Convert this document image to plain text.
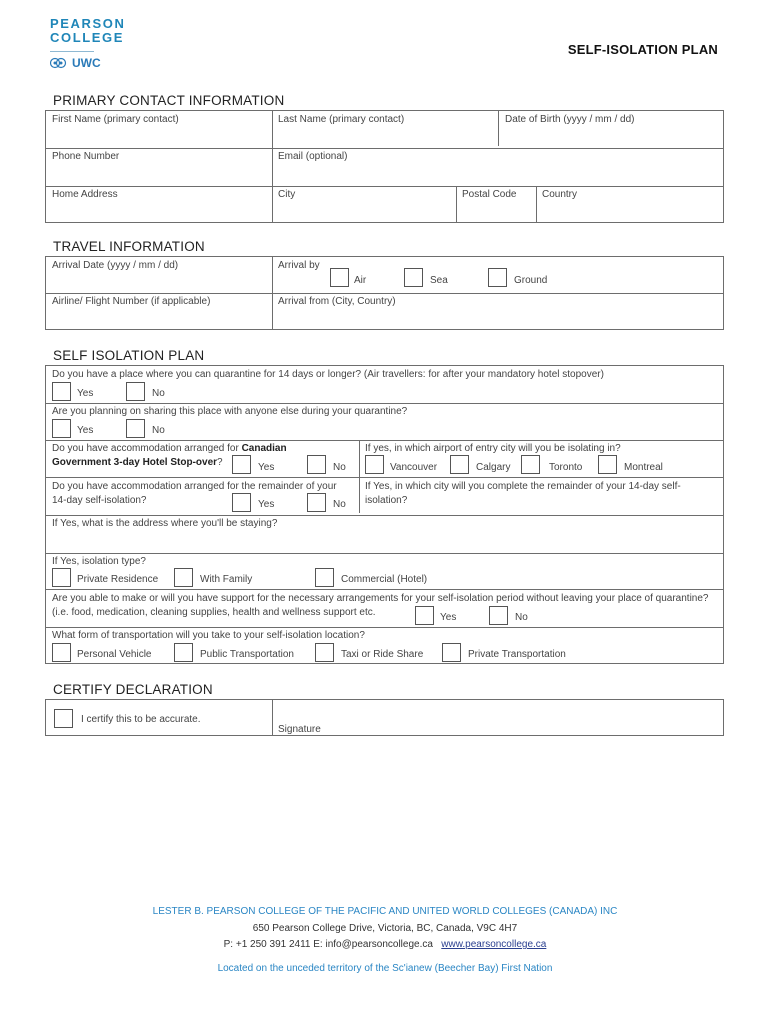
PEARSON
COLLEGE
UWC
SELF-ISOLATION PLAN
PRIMARY CONTACT INFORMATION
First Name (primary contact)	Last Name (primary contact)	Date of Birth (yyyy / mm / dd)
Phone Number	Email (optional)
Home Address	City	Postal Code	Country
TRAVEL INFORMATION
Arrival Date (yyyy / mm / dd)	Arrival by
Air	Sea	Ground
Airline/ Flight Number (if applicable)	Arrival from (City, Country)
SELF ISOLATION PLAN
Do you have a place where you can quarantine for 14 days or longer? (Air travellers: for after your mandatory hotel stopover)
Yes	No
Are you planning on sharing this place with anyone else during your quarantine?
Yes	No
Do you have accommodation arranged for Canadian
Government 3-day Hotel Stop-over?	Yes	No
If yes, in which airport of entry city will you be isolating in?
Vancouver	Calgary	Toronto	Montreal
Do you have accommodation arranged for the remainder of your 14-day self-isolation?	Yes	No
If Yes, in which city will you complete the remainder of your 14-day self-isolation?
If Yes, what is the address where you'll be staying?
If Yes, isolation type?
Private Residence	With Family	Commercial (Hotel)
Are you able to make or will you have support for the necessary arrangements for your self-isolation period without leaving your place of quarantine? (i.e. food, medication, cleaning supplies, health and wellness support etc.	Yes	No
What form of transportation will you take to your self-isolation location?
Personal Vehicle	Public Transportation	Taxi or Ride Share	Private Transportation
CERTIFY DECLARATION
I certify this to be accurate.
Signature
LESTER B. PEARSON COLLEGE OF THE PACIFIC AND UNITED WORLD COLLEGES (CANADA) INC
650 Pearson College Drive, Victoria, BC, Canada, V9C 4H7
P: +1 250 391 2411 E: info@pearsoncollege.ca www.pearsoncollege.ca
Located on the unceded territory of the Sc'ianew (Beecher Bay) First Nation
